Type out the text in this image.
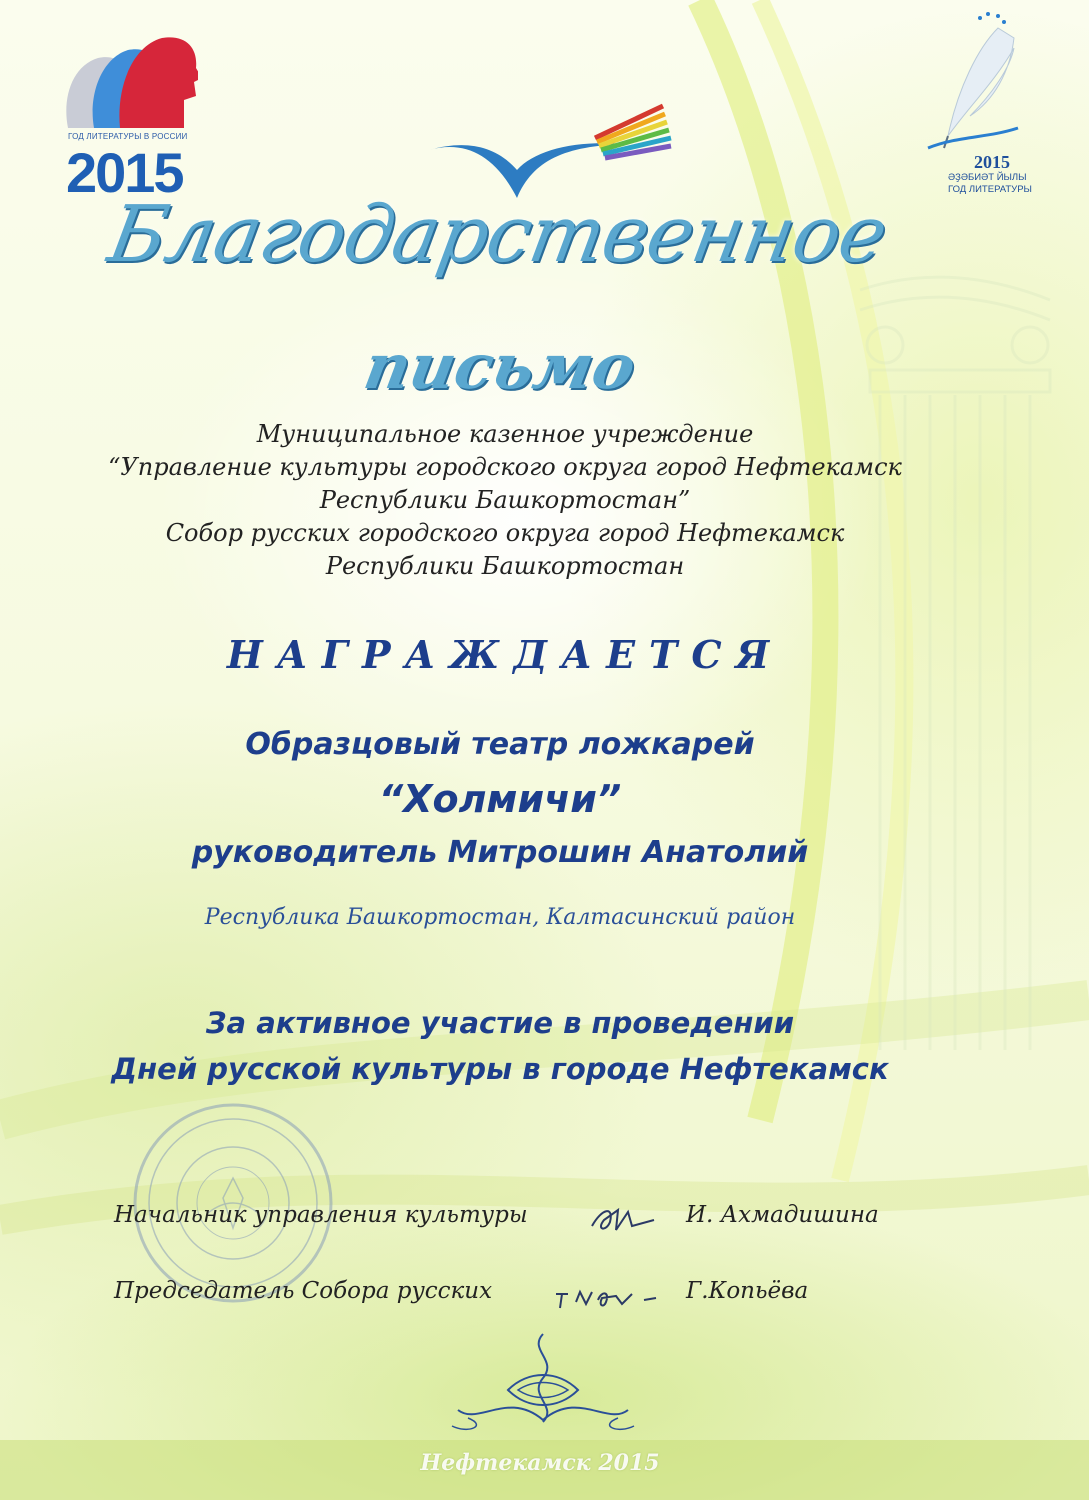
ГОД ЛИТЕРАТУРЫ В РОССИИ
2015	2015
ӘҘӘБИӘТ ЙЫЛЫ
ГОД ЛИТЕРАТУРЫ
Благодарственное
письмо
Муниципальное казенное учреждение
“Управление культуры городского округа город Нефтекамск
Республики Башкортостан”
Собор русских городского округа город Нефтекамск
Республики Башкортостан
НАГРАЖДАЕТСЯ
Образцовый театр ложкарей
“Холмичи”
руководитель Митрошин Анатолий
Республика Башкортостан, Калтасинский район
За активное участие в проведении
Дней русской культуры в городе Нефтекамск
Начальник управления культуры	И. Ахмадишина
Председатель Собора русских	Г.Копьёва
Нефтекамск 2015
